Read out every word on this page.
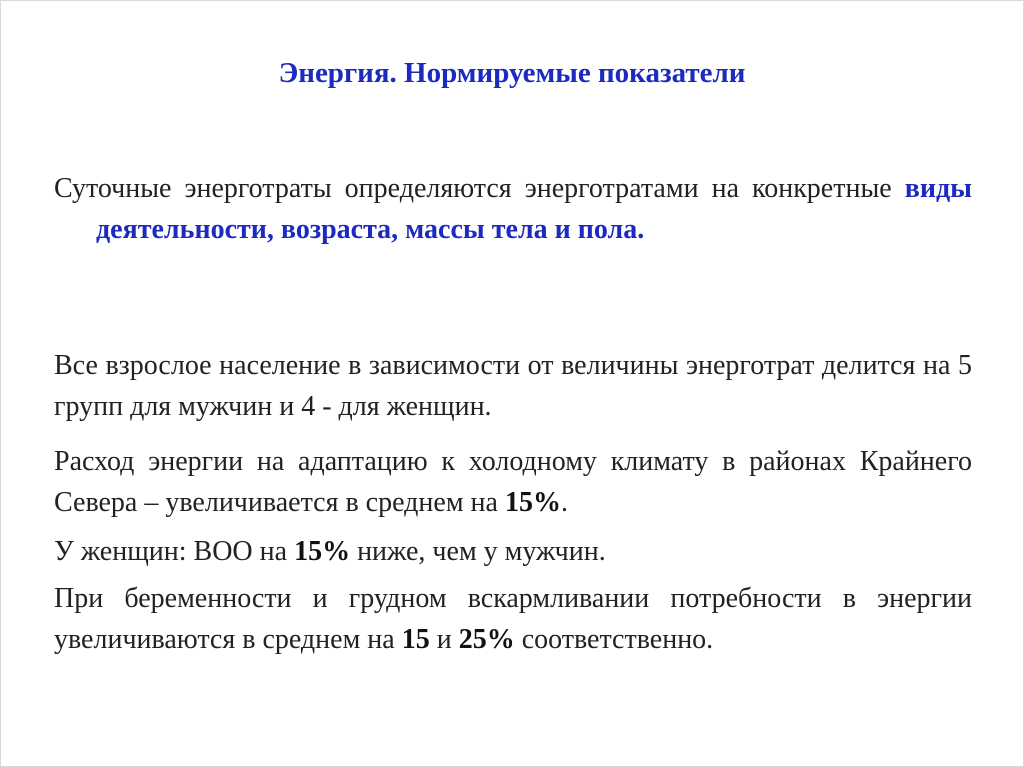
Энергия. Нормируемые показатели
Суточные энерготраты определяются энерготратами на конкретные виды деятельности, возраста, массы тела и пола.
Все взрослое население в зависимости от величины энерготрат делится на 5 групп для мужчин и 4 - для женщин.
Расход энергии на адаптацию к холодному климату в районах Крайнего Севера – увеличивается в среднем на 15%.
У женщин: ВОО на 15% ниже, чем у мужчин.
При беременности и грудном вскармливании потребности в энергии увеличиваются в среднем на 15 и 25% соответственно.
